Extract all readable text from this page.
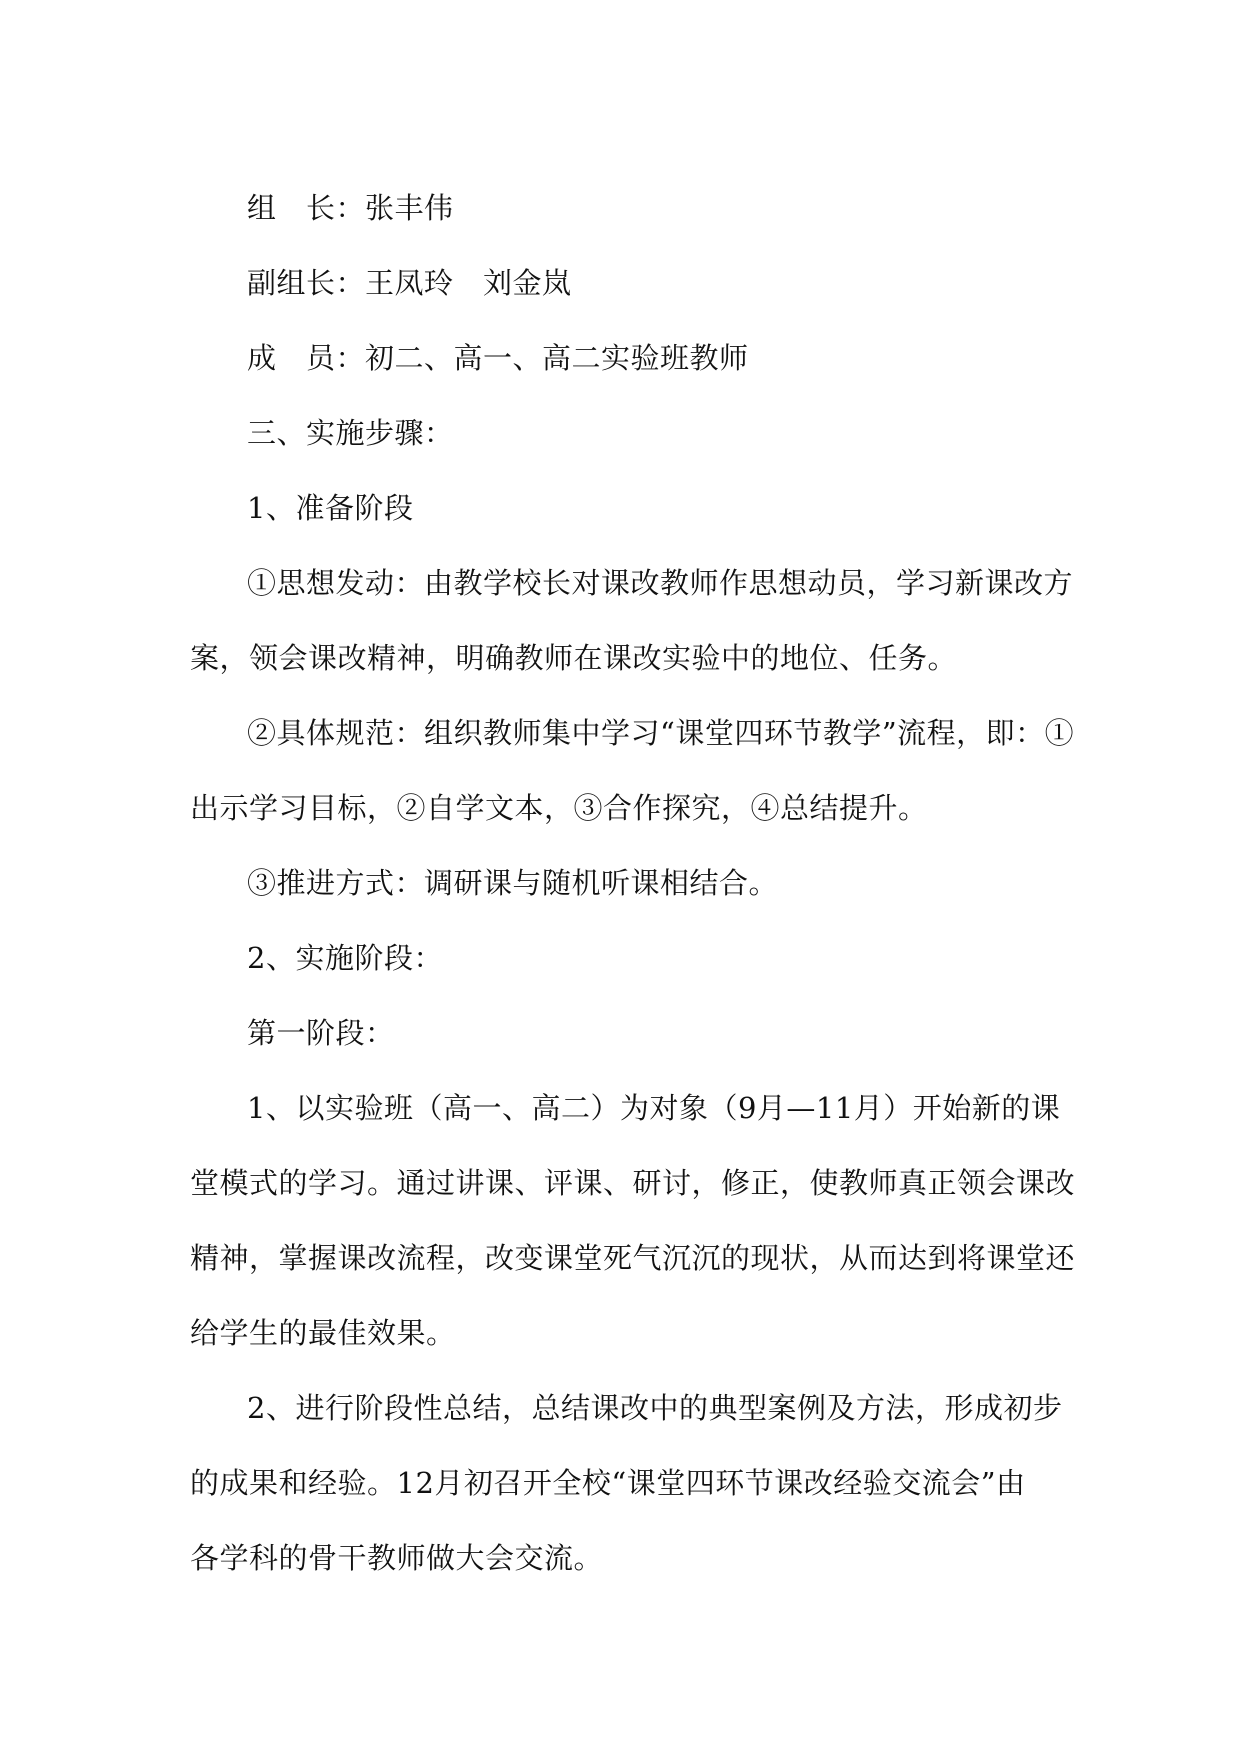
组　长：张丰伟
副组长：王凤玲　刘金岚
成　员：初二、高一、高二实验班教师
三、实施步骤：
1、准备阶段
①思想发动：由教学校长对课改教师作思想动员，学习新课改方
案，领会课改精神，明确教师在课改实验中的地位、任务。
②具体规范：组织教师集中学习“课堂四环节教学”流程，即：①
出示学习目标，②自学文本，③合作探究，④总结提升。
③推进方式：调研课与随机听课相结合。
2、实施阶段：
第一阶段：
1、以实验班（高一、高二）为对象（9月—11月）开始新的课
堂模式的学习。通过讲课、评课、研讨，修正，使教师真正领会课改
精神，掌握课改流程，改变课堂死气沉沉的现状，从而达到将课堂还
给学生的最佳效果。
2、进行阶段性总结，总结课改中的典型案例及方法，形成初步
的成果和经验。12月初召开全校“课堂四环节课改经验交流会”由
各学科的骨干教师做大会交流。
